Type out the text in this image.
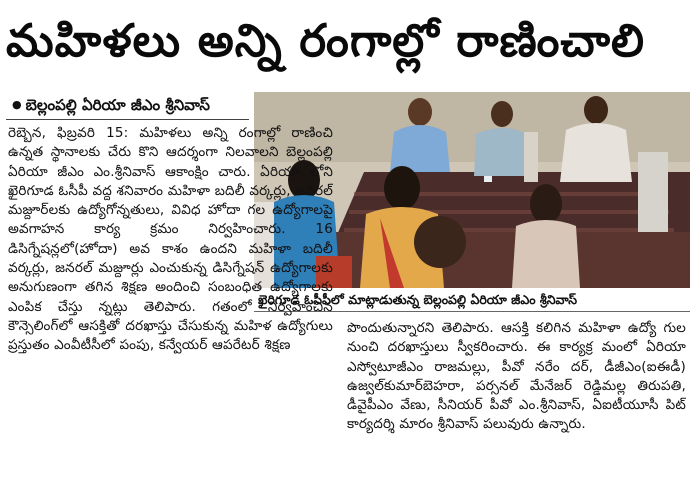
మహిళలు అన్ని రంగాల్లో రాణించాలి
● బెల్లంపల్లి ఏరియా జీఎం శ్రీనివాస్
ఖైరిగూడ ఓసీపీలో మాట్లాడుతున్న బెల్లంపల్లి ఏరియా జీఎం శ్రీనివాస్

రెబ్బెన, ఫిబ్రవరి 15: మహిళలు అన్ని రంగాల్లో రాణించి ఉన్నత స్థానాలకు చేరు కొని ఆదర్శంగా నిలవాలని బెల్లంపల్లి ఏరియా జీఎం ఎం.శ్రీనివాస్ ఆకాంక్షిం చారు. ఏరియా లోని ఖైరిగూడ ఓసీపీ వద్ద శనివారం మహిళా బదిలీ వర్కర్లు, జనరల్ మజ్దూర్‌లకు ఉద్యోగోన్నతులు, వివిధ హోదా గల ఉద్యోగాలపై అవగాహన కార్య క్రమం నిర్వహించారు. 16 డిసిగ్నేషన్లలో(హోదా) అవ కాశం ఉందని మహిళా బదిలీ వర్కర్లు, జనరల్ మజ్దూర్లు ఎంచుకున్న డిసిగ్నేషన్ ఉద్యోగాలకు అనుగుణంగా తగిన శిక్షణ అందించి సంబంధిత ఉద్యోగాలకు ఎంపిక చేస్తు న్నట్లు తెలిపారు. గతంలో నిర్వహించిన కౌన్సెలింగ్‌లో ఆసక్తితో దరఖాస్తు చేసుకున్న మహిళ ఉద్యోగులు ప్రస్తుతం ఎంవీటీసీలో పంపు, కన్వేయర్ ఆపరేటర్ శిక్షణ

పొందుతున్నారని తెలిపారు. ఆసక్తి కలిగిన మహిళా ఉద్యో గుల నుంచి దరఖాస్తులు స్వీకరించారు. ఈ కార్యక్ర మంలో ఏరియా ఎస్వోటూజీఎం రాజమల్లు, పీవో నరేం దర్, డీజీఎం(ఐఈడీ) ఉజ్వల్‌కుమార్‌బెహరా, పర్సనల్ మేనేజర్ రెడ్డిమల్ల తిరుపతి, డీవైపీఎం వేణు, సీనియర్ పీవో ఎం.శ్రీనివాస్, ఏఐటీయూసీ పిట్ కార్యదర్శి మారం శ్రీనివాస్ పలువురు ఉన్నారు.
